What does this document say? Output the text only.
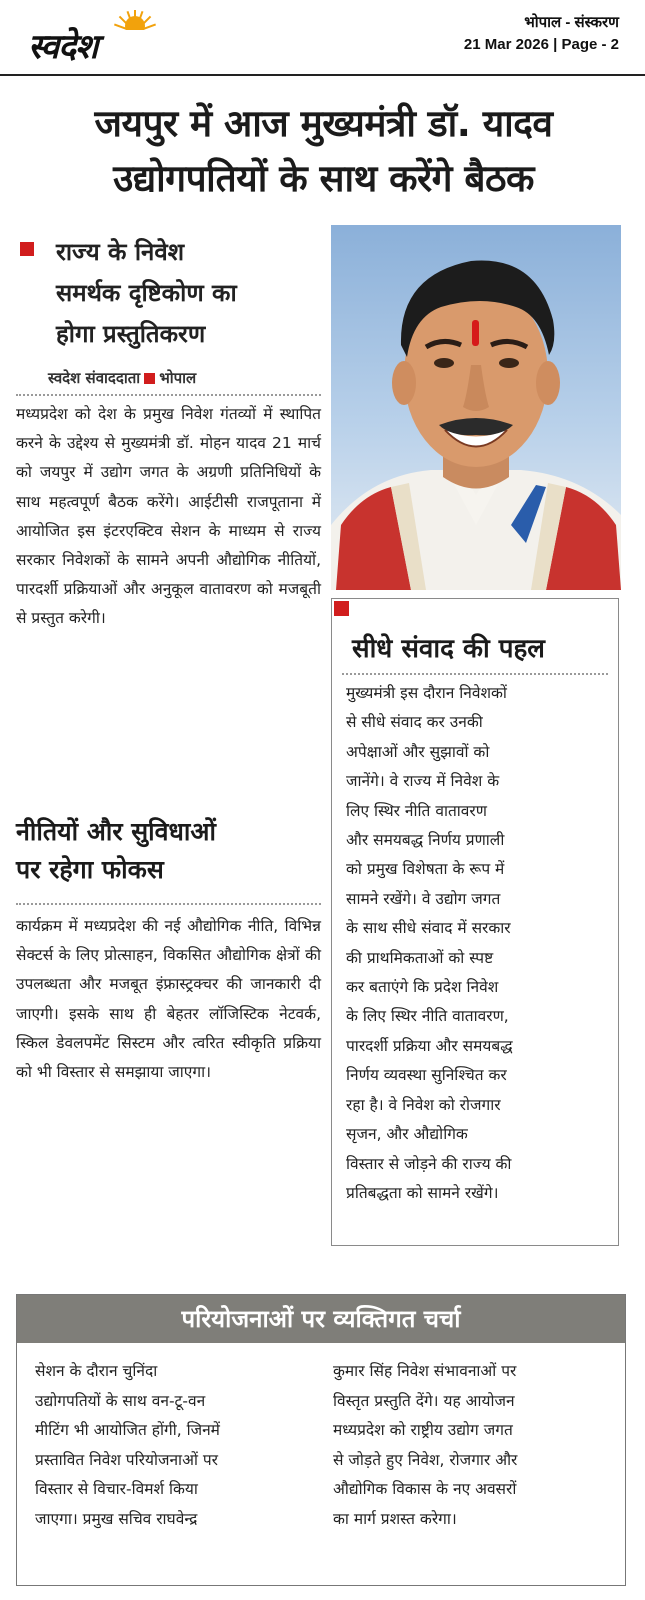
स्वदेश
भोपाल - संस्करण
21 Mar 2026 | Page - 2
जयपुर में आज मुख्यमंत्री डॉ. यादव
उद्योगपतियों के साथ करेंगे बैठक
राज्य के निवेश
समर्थक दृष्टिकोण का
होगा प्रस्तुतिकरण
स्वदेश संवाददाता भोपाल

मध्यप्रदेश को देश के प्रमुख निवेश गंतव्यों में स्थापित करने के उद्देश्य से मुख्यमंत्री डॉ. मोहन यादव 21 मार्च को जयपुर में उद्योग जगत के अग्रणी प्रतिनिधियों के साथ महत्वपूर्ण बैठक करेंगे। आईटीसी राजपूताना में आयोजित इस इंटरएक्टिव सेशन के माध्यम से राज्य सरकार निवेशकों के सामने अपनी औद्योगिक नीतियों, पारदर्शी प्रक्रियाओं और अनुकूल वातावरण को मजबूती से प्रस्तुत करेगी।

नीतियों और सुविधाओं
पर रहेगा फोकस

कार्यक्रम में मध्यप्रदेश की नई औद्योगिक नीति, विभिन्न सेक्टर्स के लिए प्रोत्साहन, विकसित औद्योगिक क्षेत्रों की उपलब्धता और मजबूत इंफ्रास्ट्रक्चर की जानकारी दी जाएगी। इसके साथ ही बेहतर लॉजिस्टिक नेटवर्क, स्किल डेवलपमेंट सिस्टम और त्वरित स्वीकृति प्रक्रिया को भी विस्तार से समझाया जाएगा।

सीधे संवाद की पहल
मुख्यमंत्री इस दौरान निवेशकों
से सीधे संवाद कर उनकी
अपेक्षाओं और सुझावों को
जानेंगे। वे राज्य में निवेश के
लिए स्थिर नीति वातावरण
और समयबद्ध निर्णय प्रणाली
को प्रमुख विशेषता के रूप में
सामने रखेंगे। वे उद्योग जगत
के साथ सीधे संवाद में सरकार
की प्राथमिकताओं को स्पष्ट
कर बताएंगे कि प्रदेश निवेश
के लिए स्थिर नीति वातावरण,
पारदर्शी प्रक्रिया और समयबद्ध
निर्णय व्यवस्था सुनिश्चित कर
रहा है। वे निवेश को रोजगार
सृजन, और औद्योगिक
विस्तार से जोड़ने की राज्य की
प्रतिबद्धता को सामने रखेंगे।
परियोजनाओं पर व्यक्तिगत चर्चा
सेशन के दौरान चुनिंदा
उद्योगपतियों के साथ वन-टू-वन
मीटिंग भी आयोजित होंगी, जिनमें
प्रस्तावित निवेश परियोजनाओं पर
विस्तार से विचार-विमर्श किया
जाएगा। प्रमुख सचिव राघवेन्द्र
कुमार सिंह निवेश संभावनाओं पर
विस्तृत प्रस्तुति देंगे। यह आयोजन
मध्यप्रदेश को राष्ट्रीय उद्योग जगत
से जोड़ते हुए निवेश, रोजगार और
औद्योगिक विकास के नए अवसरों
का मार्ग प्रशस्त करेगा।
